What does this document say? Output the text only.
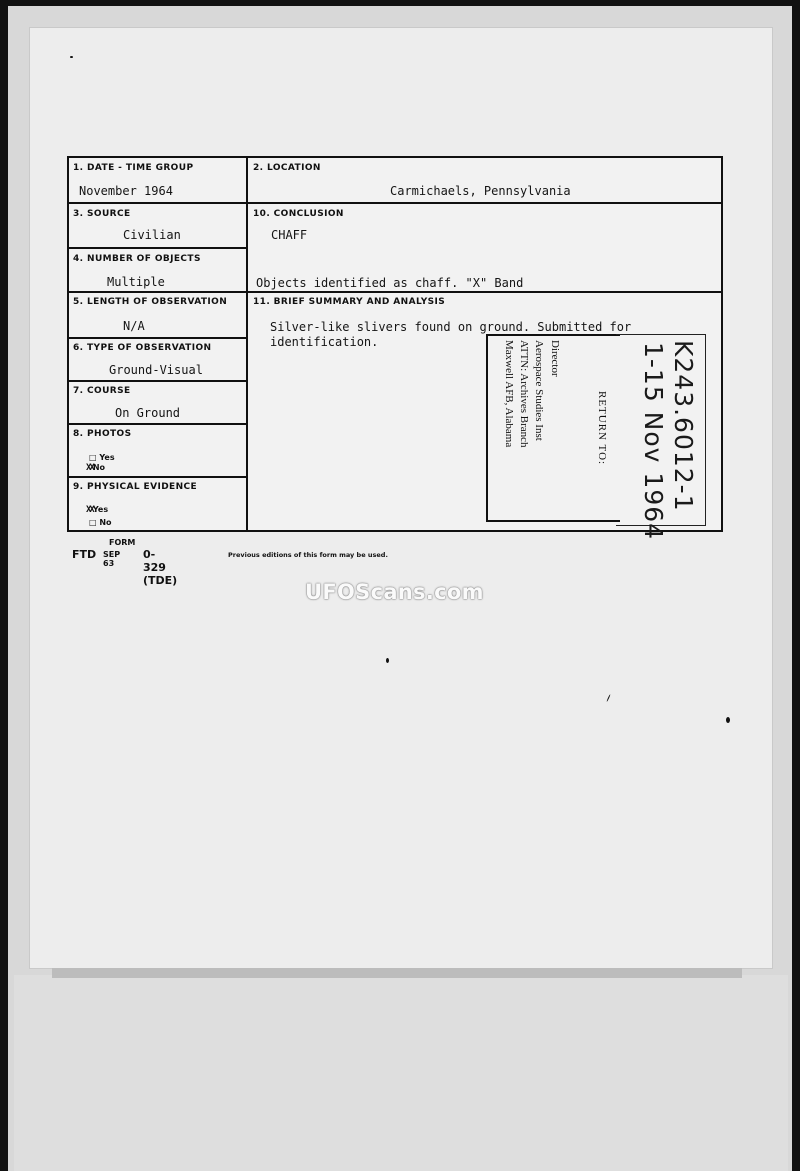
1. DATE - TIME GROUP
November 1964
2. LOCATION
Carmichaels, Pennsylvania
3. SOURCE
Civilian
4. NUMBER OF OBJECTS
Multiple
10. CONCLUSION
CHAFF
Objects identified as chaff. "X" Band
5. LENGTH OF OBSERVATION
N/A
6. TYPE OF OBSERVATION
Ground-Visual
7. COURSE
On Ground
8. PHOTOS
□ Yes
XXNo
9. PHYSICAL EVIDENCE
XXYes
□ No
11. BRIEF SUMMARY AND ANALYSIS
Silver-like slivers found on ground. Submitted for
identification.	Director
Aerospace Studies Inst
ATTN: Archives Branch
Maxwell AFB, Alabama	RETURN TO: K243.6012-1
1-15 Nov 1964
FORM
FTD SEP 63
0-329 (TDE)
Previous editions of this form may be used.
UFOScans.com
